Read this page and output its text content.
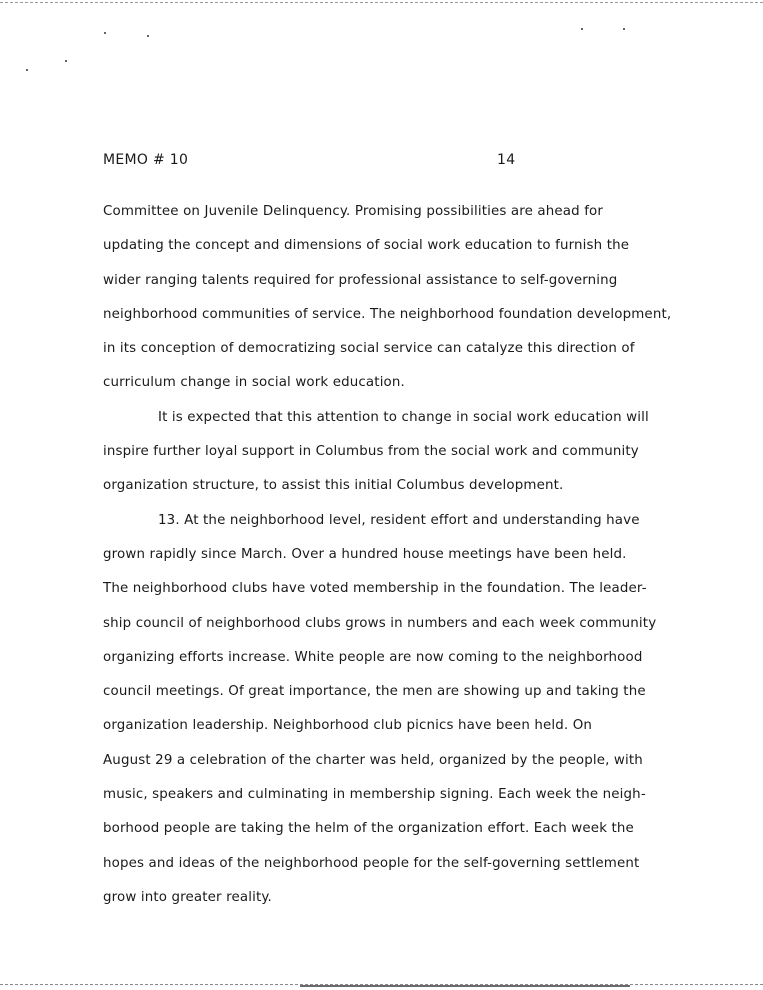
MEMO # 10	14
Committee on Juvenile Delinquency. Promising possibilities are ahead for
updating the concept and dimensions of social work education to furnish the
wider ranging talents required for professional assistance to self-governing
neighborhood communities of service. The neighborhood foundation development,
in its conception of democratizing social service can catalyze this direction of
curriculum change in social work education.
It is expected that this attention to change in social work education will
inspire further loyal support in Columbus from the social work and community
organization structure, to assist this initial Columbus development.
13. At the neighborhood level, resident effort and understanding have
grown rapidly since March. Over a hundred house meetings have been held.
The neighborhood clubs have voted membership in the foundation. The leader-
ship council of neighborhood clubs grows in numbers and each week community
organizing efforts increase. White people are now coming to the neighborhood
council meetings. Of great importance, the men are showing up and taking the
organization leadership. Neighborhood club picnics have been held. On
August 29 a celebration of the charter was held, organized by the people, with
music, speakers and culminating in membership signing. Each week the neigh-
borhood people are taking the helm of the organization effort. Each week the
hopes and ideas of the neighborhood people for the self-governing settlement
grow into greater reality.
